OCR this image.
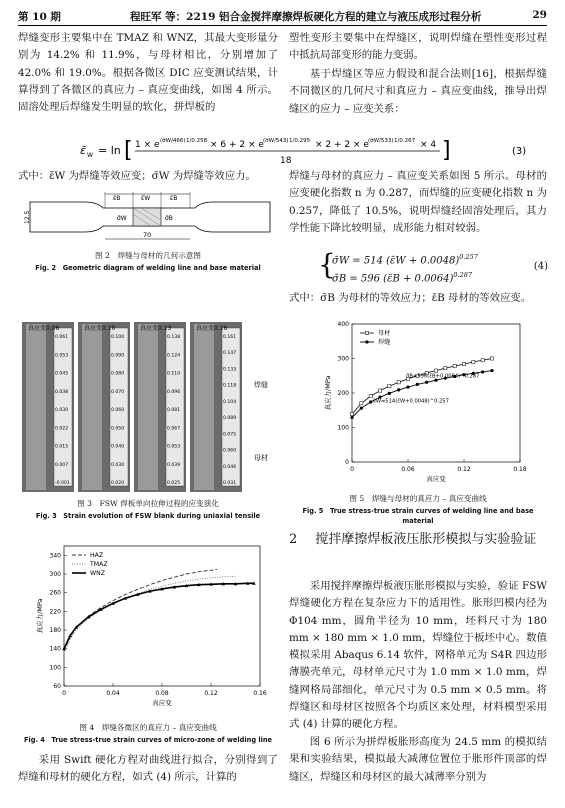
第 10 期	程旺军 等：2219 铝合金搅拌摩擦焊板硬化方程的建立与液压成形过程分析	29
焊缝变形主要集中在 TMAZ 和 WNZ，其最大变形量分别为 14.2% 和 11.9%，与母材相比，分别增加了 42.0% 和 19.0%。根据各微区 DIC 应变测试结果，计算得到了各微区的真应力 – 真应变曲线，如图 4 所示。固溶处理后焊缝发生明显的软化，拼焊板的
ε̄ W = ln [ 1 × e (σ̄W/466) 1/0.258 × 6 + 2 × e (σ̄W/543) 1/0.295 × 2 + 2 × e (σ̄W/533) 1/0.267 × 4
18	]	(3)
式中：ε̄W 为焊缝等效应变；σ̄W 为焊缝等效应力。
ε̄B	ε̄W	ε̄B
σ̄W	σ̄B
70
12.5
图 2　焊缝与母材的几何示意图
Fig. 2　Geometric diagram of welding line and base material
0.061
0.053
0.045
0.038
0.030
0.022
0.015
0.007
-0.001
真应变0.06
0.100
0.090
0.080
0.070
0.060
0.050
0.040
0.030
0.020
真应变0.10
0.138
0.124
0.110
0.096
0.081
0.067
0.053
0.039
0.025
真应变0.13
0.161
0.147
0.133
0.118
0.104
0.089
0.075
0.060
0.046
0.031
真应变0.16
焊缝
母材
图 3　FSW 焊板单向拉伸过程的应变演化
Fig. 3　Strain evolution of FSW blank during uniaxial tensile
0	0.04	0.08	0.12	0.16
60
100
140
180
220
260
300
340
真应变
真应力/MPa
HAZ
TMAZ
WNZ
图 4　焊缝各微区的真应力 – 真应变曲线
Fig. 4　True stress-true strain curves of micro-zone of welding line
采用 Swift 硬化方程对曲线进行拟合，分别得到了焊缝和母材的硬化方程，如式 (4) 所示，计算的
塑性变形主要集中在焊缝区，说明焊缝在塑性变形过程中抵抗局部变形的能力变弱。
基于焊缝区等应力假设和混合法则[16]，根据焊缝不同微区的几何尺寸和真应力 – 真应变曲线，推导出焊缝区的应力 – 应变关系：
焊缝与母材的真应力 – 真应变关系如图 5 所示。母材的应变硬化指数 n 为 0.287，而焊缝的应变硬化指数 n 为 0.257，降低了 10.5%，说明焊缝经固溶处理后，其力学性能下降比较明显，成形能力相对较弱。
{
σ̄W = 514 (ε̄W + 0.0048)$^{0.257}$
σ̄B = 596 (ε̄B + 0.0064)$^{0.287}$
(4)
式中：σ̄B 为母材的等效应力；ε̄B 母材的等效应变。
0	0.06	0.12	0.18
0
100
200
300
400
真应变
真应力/MPa
母材
焊缝
σ̄B=596(ε̄B+0.0064)^0.287
σ̄W=514(ε̄W+0.0048)^0.257
图 5　焊缝与母材的真应力 – 真应变曲线
Fig. 5　True stress-true strain curves of welding line and base material
2 搅拌摩擦焊板液压胀形模拟与实验验证
采用搅拌摩擦焊板液压胀形模拟与实验，验证 FSW 焊缝硬化方程在复杂应力下的适用性。胀形凹模内径为 Φ104 mm，圆角半径为 10 mm，坯料尺寸为 180 mm × 180 mm × 1.0 mm，焊缝位于板坯中心。数值模拟采用 Abaqus 6.14 软件，网格单元为 S4R 四边形薄膜壳单元，母材单元尺寸为 1.0 mm × 1.0 mm，焊缝网格局部细化，单元尺寸为 0.5 mm × 0.5 mm。将焊缝区和母材区按照各个均质区来处理，材料模型采用式 (4) 计算的硬化方程。
图 6 所示为拼焊板胀形高度为 24.5 mm 的模拟结果和实验结果，模拟最大减薄位置位于胀形件顶部的焊缝区，焊缝区和母材区的最大减薄率分别为
